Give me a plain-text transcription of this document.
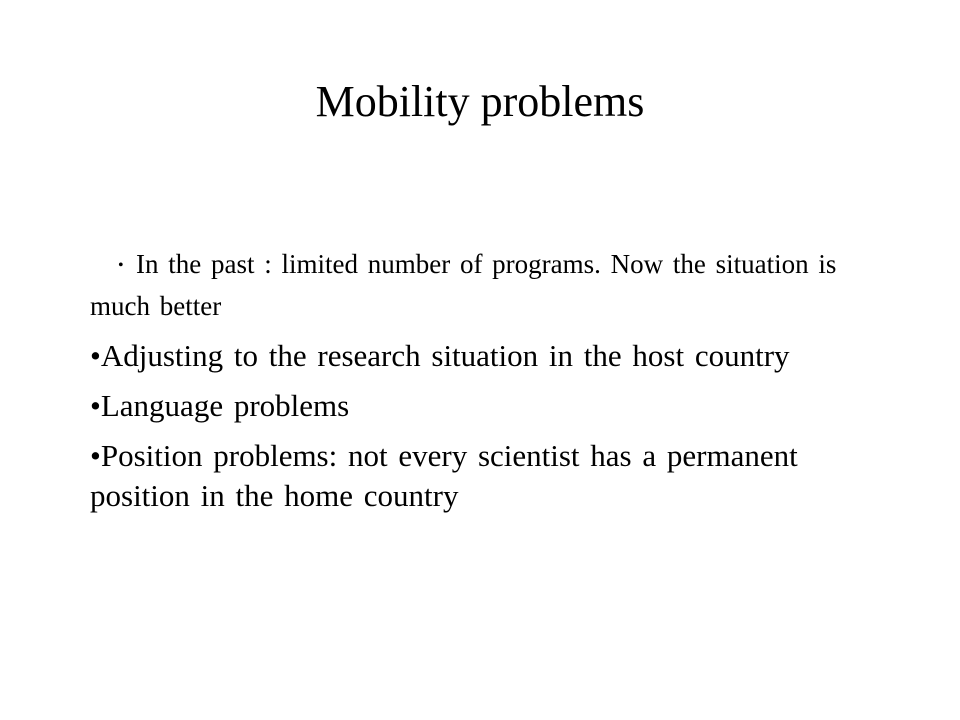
Mobility problems
• In the past : limited number of programs. Now the situation is much better
•Adjusting to the research situation in the host country
•Language problems
•Position problems: not every scientist has a permanent position in the home country
